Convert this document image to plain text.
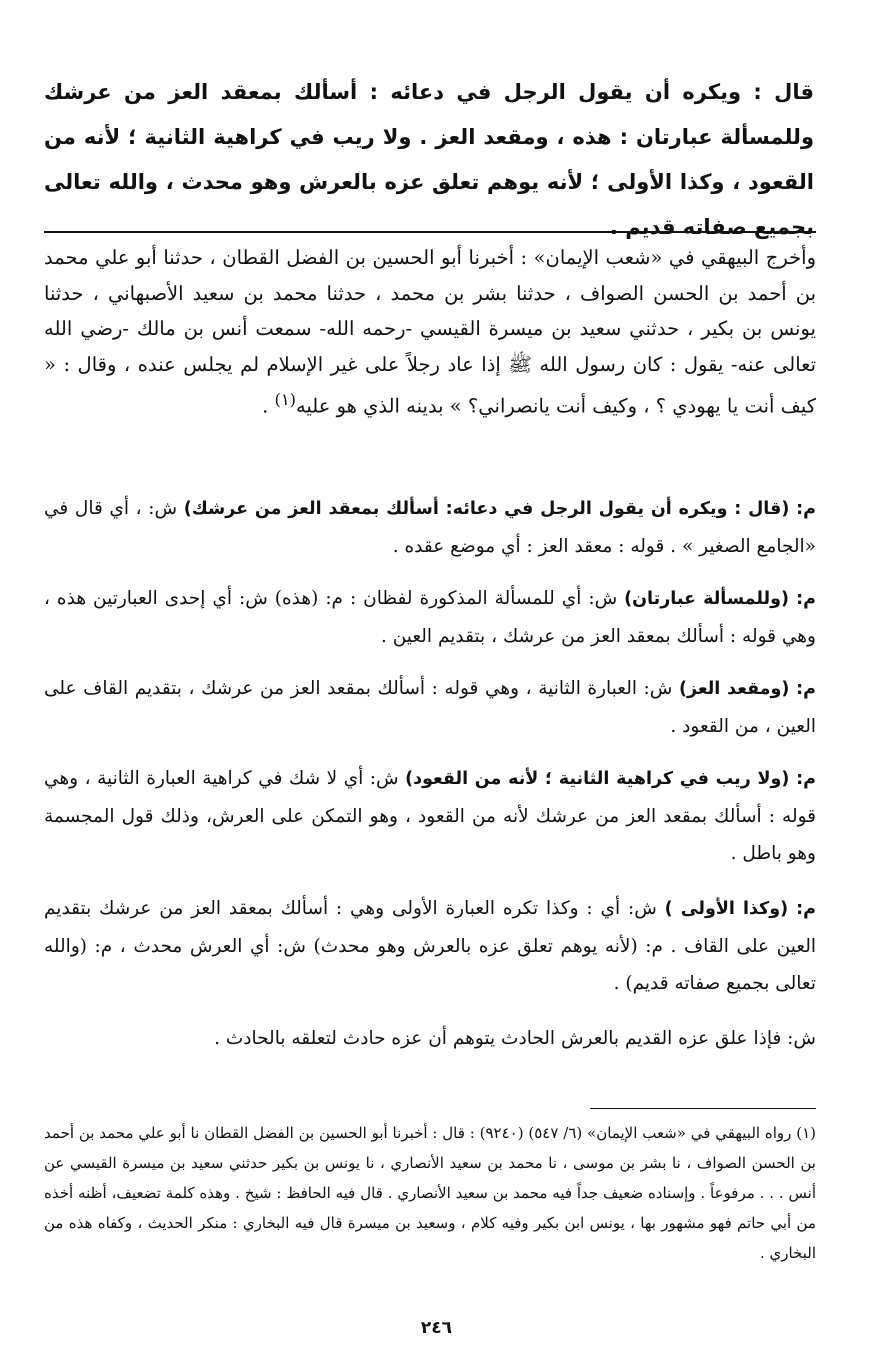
قال : ويكره أن يقول الرجل في دعائه : أسألك بمعقد العز من عرشك وللمسألة عبارتان : هذه ، ومقعد العز . ولا ريب في كراهية الثانية ؛ لأنه من القعود ، وكذا الأولى ؛ لأنه يوهم تعلق عزه بالعرش وهو محدث ، والله تعالى بجميع صفاته قديم .
وأخرج البيهقي في «شعب الإيمان» : أخبرنا أبو الحسين بن الفضل القطان ، حدثنا أبو علي محمد بن أحمد بن الحسن الصواف ، حدثنا بشر بن محمد ، حدثنا محمد بن سعيد الأصبهاني ، حدثنا يونس بن بكير ، حدثني سعيد بن ميسرة القيسي -رحمه الله- سمعت أنس بن مالك -رضي الله تعالى عنه- يقول : كان رسول الله ﷺ إذا عاد رجلاً على غير الإسلام لم يجلس عنده ، وقال : « كيف أنت يا يهودي ؟ ، وكيف أنت يانصراني؟ » بدينه الذي هو عليه$^{(١)}$ .
م: (قال : ويكره أن يقول الرجل في دعائه: أسألك بمعقد العز من عرشك) ش: ، أي قال في «الجامع الصغير » . قوله : معقد العز : أي موضع عقده .
م: (وللمسألة عبارتان) ش: أي للمسألة المذكورة لفظان : م: (هذه) ش: أي إحدى العبارتين هذه ، وهي قوله : أسألك بمعقد العز من عرشك ، بتقديم العين .
م: (ومقعد العز) ش: العبارة الثانية ، وهي قوله : أسألك بمقعد العز من عرشك ، بتقديم القاف على العين ، من القعود .
م: (ولا ريب في كراهية الثانية ؛ لأنه من القعود) ش: أي لا شك في كراهية العبارة الثانية ، وهي قوله : أسألك بمقعد العز من عرشك لأنه من القعود ، وهو التمكن على العرش، وذلك قول المجسمة وهو باطل .
م: (وكذا الأولى ) ش: أي : وكذا تكره العبارة الأولى وهي : أسألك بمعقد العز من عرشك بتقديم العين على القاف . م: (لأنه يوهم تعلق عزه بالعرش وهو محدث) ش: أي العرش محدث ، م: (والله تعالى بجميع صفاته قديم) .
ش: فإذا علق عزه القديم بالعرش الحادث يتوهم أن عزه حادث لتعلقه بالحادث .
(١) رواه البيهقي في «شعب الإيمان» (٦/ ٥٤٧) (٩٢٤٠) : قال : أخبرنا أبو الحسين بن الفضل القطان نا أبو علي محمد بن أحمد بن الحسن الصواف ، نا بشر بن موسى ، نا محمد بن سعيد الأنصاري ، نا يونس بن بكير حدثني سعيد بن ميسرة القيسي عن أنس . . . مرفوعاً . وإسناده ضعيف جداً فيه محمد بن سعيد الأنصاري . قال فيه الحافظ : شيخ . وهذه كلمة تضعيف، أظنه أخذه من أبي حاتم فهو مشهور بها ، يونس ابن بكير وفيه كلام ، وسعيد بن ميسرة قال فيه البخاري : منكر الحديث ، وكفاه هذه من البخاري .
٢٤٦
